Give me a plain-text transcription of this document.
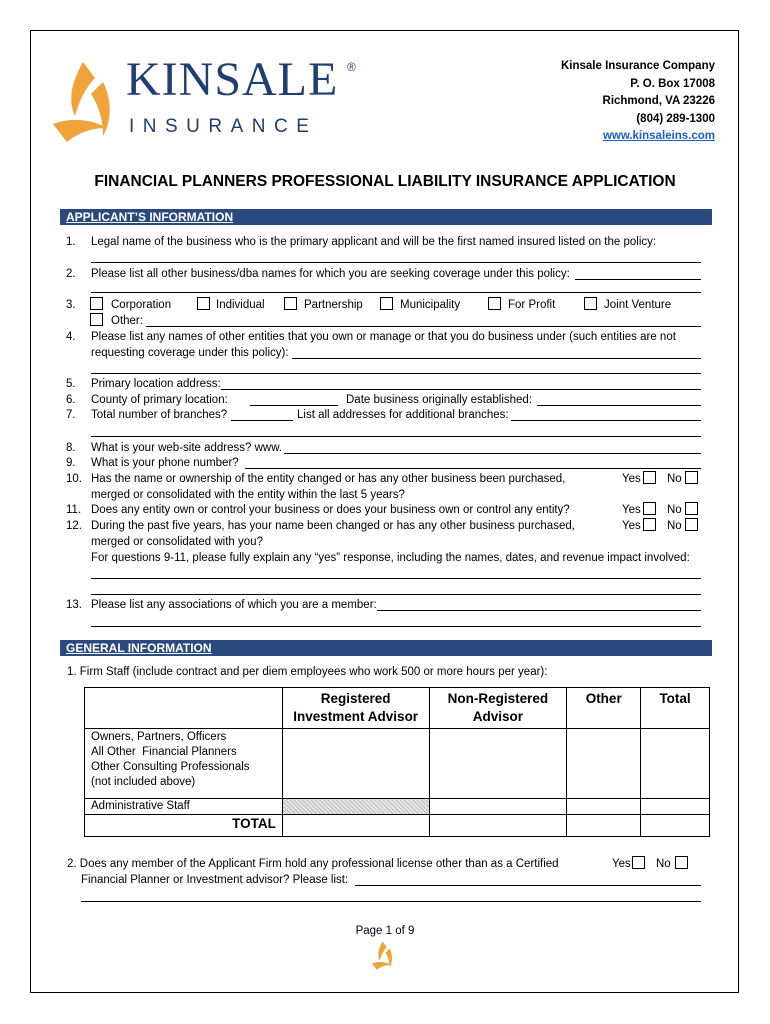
KINSALE ®
INSURANCE
Kinsale Insurance Company
P. O. Box 17008
Richmond, VA 23226
(804) 289-1300
www.kinsaleins.com
FINANCIAL PLANNERS PROFESSIONAL LIABILITY INSURANCE APPLICATION
APPLICANT’S INFORMATION
1. Legal name of the business who is the primary applicant and will be the first named insured listed on the policy:
2. Please list all other business/dba names for which you are seeking coverage under this policy:
3.	Corporation	Individual	Partnership	Municipality	For Profit	Joint Venture
Other:
4. Please list any names of other entities that you own or manage or that you do business under (such entities are not
requesting coverage under this policy):
5. Primary location address:
6. County of primary location:	Date business originally established:
7. Total number of branches?	List all addresses for additional branches:
8. What is your web-site address? www.
9. What is your phone number?
10. Has the name or ownership of the entity changed or has any other business been purchased,
merged or consolidated with the entity within the last 5 years?
Yes No
11. Does any entity own or control your business or does your business own or control any entity?	Yes No
12. During the past five years, has your name been changed or has any other business purchased,
merged or consolidated with you?
Yes No
For questions 9-11, please fully explain any “yes” response, including the names, dates, and revenue impact involved:
13. Please list any associations of which you are a member:
GENERAL INFORMATION
1. Firm Staff (include contract and per diem employees who work 500 or more hours per year):
	Registered Investment Advisor	Non-Registered Advisor	Other	Total

Owners, Partners, Officers
All Other  Financial Planners
Other Consulting Professionals
(not included above)				

Administrative Staff				
TOTAL				
2. Does any member of the Applicant Firm hold any professional license other than as a Certified
Financial Planner or Investment advisor? Please list:
Yes No
Page 1 of 9
